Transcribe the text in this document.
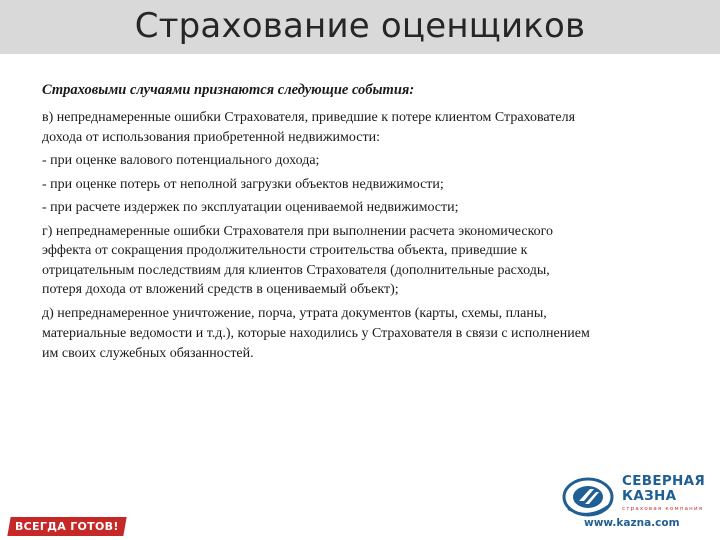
Страхование оценщиков
Страховыми случаями признаются следующие события:
в) непреднамеренные ошибки Страхователя, приведшие к потере клиентом Страхователя
дохода от использования приобретенной недвижимости:
- при оценке валового потенциального дохода;
- при оценке потерь от неполной загрузки объектов недвижимости;
- при расчете издержек по эксплуатации оцениваемой недвижимости;
г) непреднамеренные ошибки Страхователя при выполнении расчета экономического
эффекта от сокращения продолжительности строительства объекта, приведшие к
отрицательным последствиям для клиентов Страхователя (дополнительные расходы,
потеря дохода от вложений средств в оцениваемый объект);
д) непреднамеренное уничтожение, порча, утрата документов (карты, схемы, планы,
материальные ведомости и т.д.), которые находились у Страхователя в связи с исполнением
им своих служебных обязанностей.
СЕВЕРНАЯ
КАЗНА
страховая компания
www.kazna.com
ВСЕГДА ГОТОВ!
